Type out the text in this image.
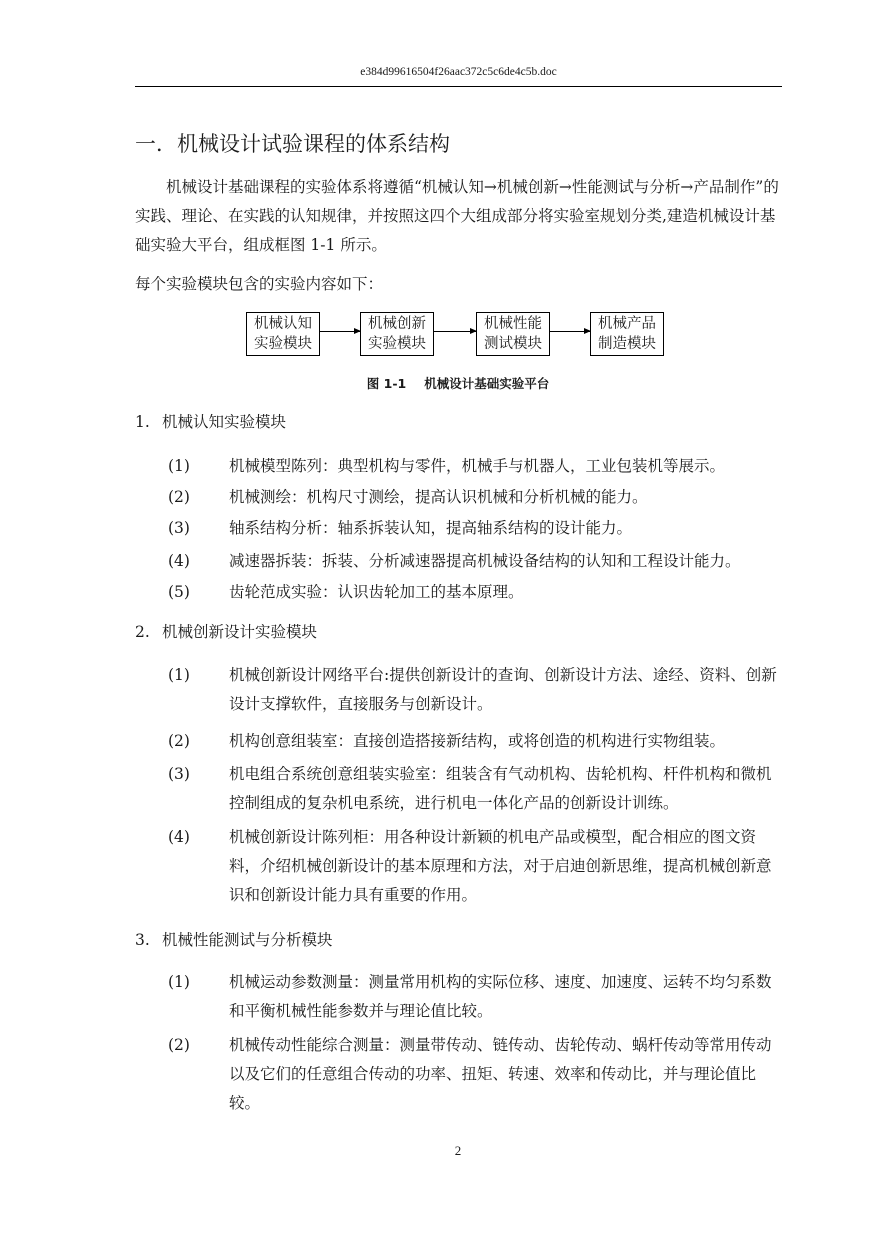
e384d99616504f26aac372c5c6de4c5b.doc
一．机械设计试验课程的体系结构
机械设计基础课程的实验体系将遵循“机械认知→机械创新→性能测试与分析→产品制作”的实践、理论、在实践的认知规律，并按照这四个大组成部分将实验室规划分类,建造机械设计基础实验大平台，组成框图 1-1 所示。
每个实验模块包含的实验内容如下：
机械认知
实验模块
机械创新
实验模块
机械性能
测试模块
机械产品
制造模块
图 1-1 机械设计基础实验平台
1. 机械认知实验模块
(1)	机械模型陈列：典型机构与零件，机械手与机器人，工业包装机等展示。
(2)	机械测绘：机构尺寸测绘，提高认识机械和分析机械的能力。
(3)	轴系结构分析：轴系拆装认知，提高轴系结构的设计能力。
(4)	减速器拆装：拆装、分析减速器提高机械设备结构的认知和工程设计能力。
(5)	齿轮范成实验：认识齿轮加工的基本原理。
2. 机械创新设计实验模块
(1)	机械创新设计网络平台:提供创新设计的查询、创新设计方法、途经、资料、创新设计支撑软件，直接服务与创新设计。
(2)	机构创意组装室：直接创造搭接新结构，或将创造的机构进行实物组装。
(3)	机电组合系统创意组装实验室：组装含有气动机构、齿轮机构、杆件机构和微机控制组成的复杂机电系统，进行机电一体化产品的创新设计训练。
(4)	机械创新设计陈列柜：用各种设计新颖的机电产品或模型，配合相应的图文资料，介绍机械创新设计的基本原理和方法，对于启迪创新思维，提高机械创新意识和创新设计能力具有重要的作用。
3. 机械性能测试与分析模块
(1)	机械运动参数测量：测量常用机构的实际位移、速度、加速度、运转不均匀系数和平衡机械性能参数并与理论值比较。
(2)	机械传动性能综合测量：测量带传动、链传动、齿轮传动、蜗杆传动等常用传动以及它们的任意组合传动的功率、扭矩、转速、效率和传动比，并与理论值比较。
2
